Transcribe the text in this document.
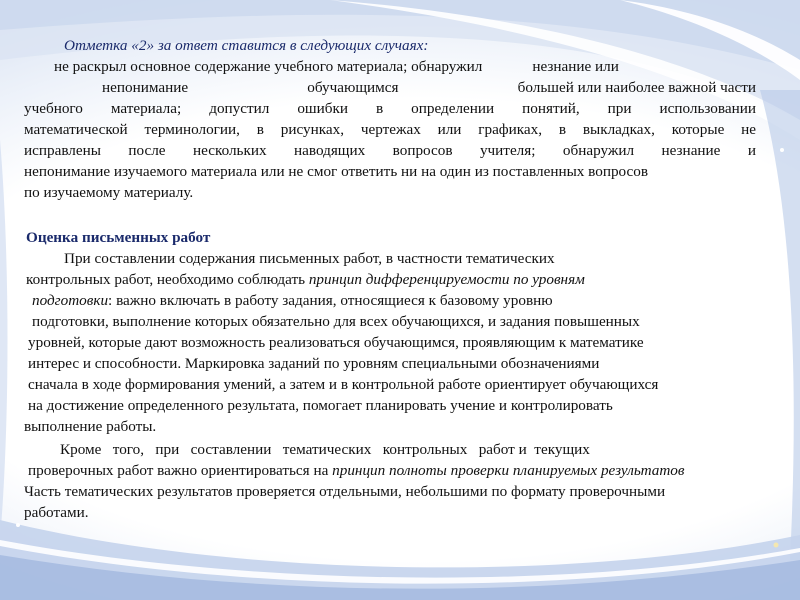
Отметка «2» за ответ ставится в следующих случаях:
не раскрыл основное содержание учебного материала; обнаружил	незнание или
непонимание	обучающимся	большей или наиболее важной части
учебного материала; допустил ошибки в определении понятий, при использовании
математической терминологии, в рисунках, чертежах или графиках, в выкладках, которые не
исправлены после нескольких наводящих вопросов учителя; обнаружил незнание и
непонимание изучаемого материала или не смог ответить ни на один из поставленных вопросов
по изучаемому материалу.
Оценка письменных работ
При составлении содержания письменных работ, в частности тематических
контрольных работ, необходимо соблюдать принцип дифференцируемости по уровням
подготовки: важно включать в работу задания, относящиеся к базовому уровню
подготовки, выполнение которых обязательно для всех обучающихся, и задания повышенных
уровней, которые дают возможность реализоваться обучающимся, проявляющим к математике
интерес и способности. Маркировка заданий по уровням специальными обозначениями
сначала в ходе формирования умений, а затем и в контрольной работе ориентирует обучающихся
на достижение определенного результата, помогает планировать учение и контролировать
выполнение работы.
Кроме   того,   при   составлении   тематических   контрольных   работ и  текущих
проверочных работ важно ориентироваться на принцип полноты проверки планируемых результатов
Часть тематических результатов проверяется отдельными, небольшими по формату проверочными
работами.
